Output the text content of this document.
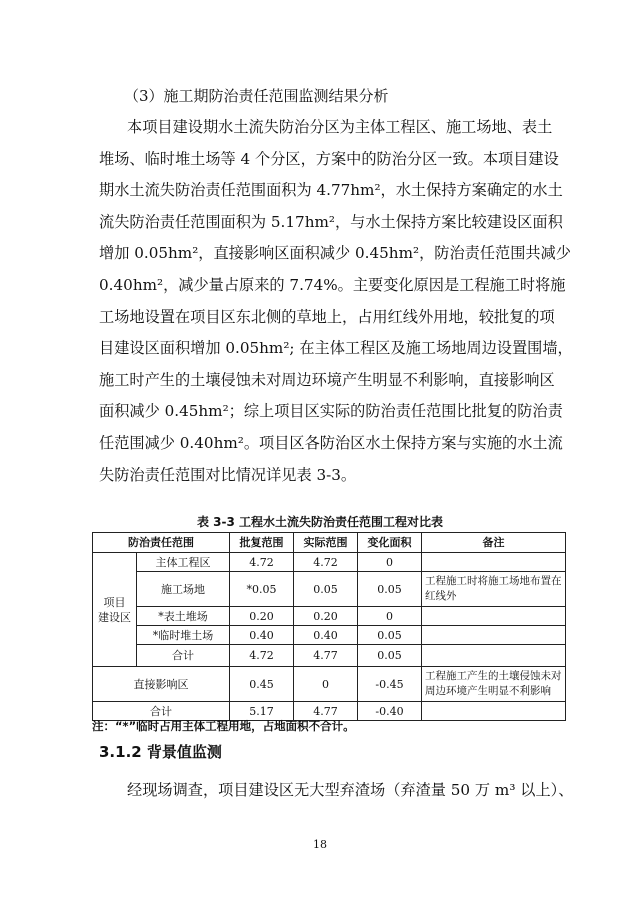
（3）施工期防治责任范围监测结果分析
本项目建设期水土流失防治分区为主体工程区、施工场地、表土
堆场、临时堆土场等 4 个分区，方案中的防治分区一致。本项目建设
期水土流失防治责任范围面积为 4.77hm²，水土保持方案确定的水土
流失防治责任范围面积为 5.17hm²，与水土保持方案比较建设区面积
增加 0.05hm²，直接影响区面积减少 0.45hm²，防治责任范围共减少
0.40hm²，减少量占原来的 7.74%。主要变化原因是工程施工时将施
工场地设置在项目区东北侧的草地上，占用红线外用地，较批复的项
目建设区面积增加 0.05hm²; 在主体工程区及施工场地周边设置围墙，
施工时产生的土壤侵蚀未对周边环境产生明显不利影响，直接影响区
面积减少 0.45hm²；综上项目区实际的防治责任范围比批复的防治责
任范围减少 0.40hm²。项目区各防治区水土保持方案与实施的水土流
失防治责任范围对比情况详见表 3-3。
表 3-3 工程水土流失防治责任范围工程对比表
防治责任范围		批复范围	实际范围	变化面积	备注
项目
建设区	主体工程区	4.72	4.72	0	
	施工场地	*0.05	0.05	0.05	工程施工时将施工场地布置在红线外
	*表土堆场	0.20	0.20	0	
	*临时堆土场	0.40	0.40	0.05	
	合计	4.72	4.77	0.05	
直接影响区		0.45	0	-0.45	工程施工产生的土壤侵蚀未对周边环境产生明显不利影响
合计		5.17	4.77	-0.40	
注：“*”临时占用主体工程用地，占地面积不合计。
3.1.2 背景值监测
经现场调查，项目建设区无大型弃渣场（弃渣量 50 万 m³ 以上）、
18
